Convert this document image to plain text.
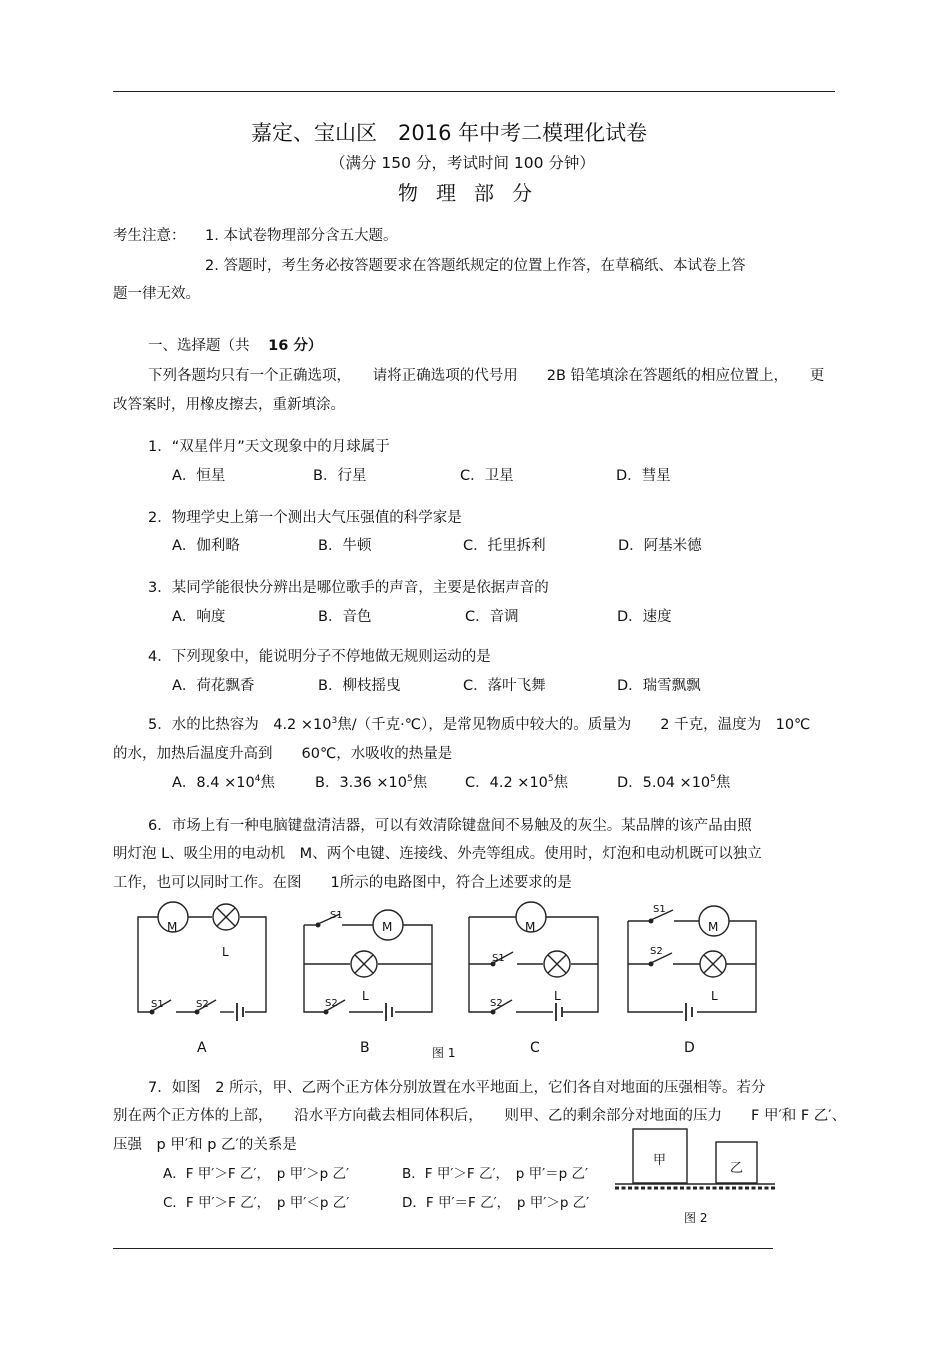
嘉定、宝山区　2016 年中考二模理化试卷
（满分 150 分，考试时间 100 分钟）
物理部分
考生注意： 1. 本试卷物理部分含五大题。
2. 答题时，考生务必按答题要求在答题纸规定的位置上作答，在草稿纸、本试卷上答
题一律无效。
一、选择题（共 16 分）
下列各题均只有一个正确选项，　　请将正确选项的代号用　　2B 铅笔填涂在答题纸的相应位置上，　　更
改答案时，用橡皮擦去，重新填涂。
1．“双星伴月”天文现象中的月球属于
A．恒星	B．行星	C．卫星	D．彗星
2．物理学史上第一个测出大气压强值的科学家是
A．伽利略	B．牛顿	C．托里拆利	D．阿基米德
3．某同学能很快分辨出是哪位歌手的声音，主要是依据声音的
A．响度	B．音色	C．音调	D．速度
4．下列现象中，能说明分子不停地做无规则运动的是
A．荷花飘香	B．柳枝摇曳	C．落叶飞舞	D．瑞雪飘飘
5．水的比热容为　$4.2 \times 10^3$焦/（千克·℃），是常见物质中较大的。质量为　　2 千克，温度为　10℃
的水，加热后温度升高到　　60℃，水吸收的热量是
A．$8.4 \times 10^4$焦	B．$3.36 \times 10^5$焦	C．$4.2 \times 10^5$焦	D．$5.04 \times 10^5$焦
6．市场上有一种电脑键盘清洁器，可以有效清除键盘间不易触及的灰尘。某品牌的该产品由照
明灯泡 L、吸尘用的电动机　M、两个电键、连接线、外壳等组成。使用时，灯泡和电动机既可以独立
工作，也可以同时工作。在图　　1所示的电路图中，符合上述要求的是
M
L
S1	S2
S1
M
L
S2
M
S1
L
S2
S1
M
S2
L
A	B	图 1	C	D
7．如图　2 所示，甲、乙两个正方体分别放置在水平地面上，它们各自对地面的压强相等。若分
别在两个正方体的上部，　　沿水平方向截去相同体积后，　　则甲、乙的剩余部分对地面的压力　　F 甲′和 F 乙′、
压强　p 甲′和 p 乙′的关系是
A．F 甲′＞F 乙′，　p 甲′＞p 乙′	B．F 甲′＞F 乙′，　p 甲′＝p 乙′
C．F 甲′＞F 乙′，　p 甲′＜p 乙′	D．F 甲′＝F 乙′，　p 甲′＞p 乙′
甲
乙
图 2
